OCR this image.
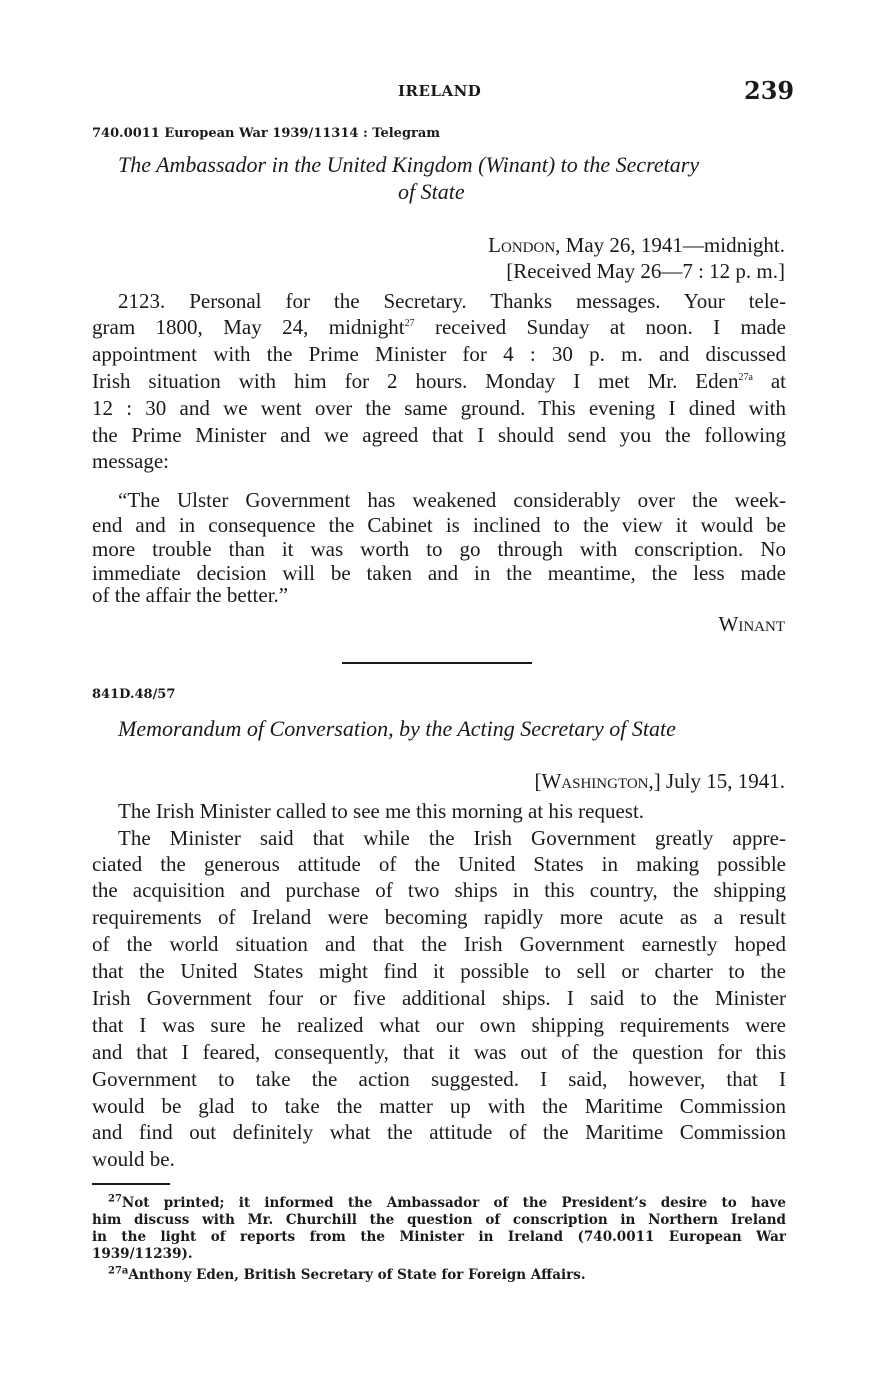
IRELAND	239
740.0011 European War 1939/11314 : Telegram
The Ambassador in the United Kingdom (Winant) to the Secretary
of State
London, May 26, 1941—midnight.
[Received May 26—7 : 12 p. m.]
2123. Personal for the Secretary. Thanks messages. Your tele-
gram 1800, May 24, midnight$^{27}$ received Sunday at noon. I made
appointment with the Prime Minister for 4 : 30 p. m. and discussed
Irish situation with him for 2 hours. Monday I met Mr. Eden$^{27a}$ at
12 : 30 and we went over the same ground. This evening I dined with
the Prime Minister and we agreed that I should send you the following
message:
“The Ulster Government has weakened considerably over the week-
end and in consequence the Cabinet is inclined to the view it would be
more trouble than it was worth to go through with conscription. No
immediate decision will be taken and in the meantime, the less made
of the affair the better.”
Winant
841D.48/57
Memorandum of Conversation, by the Acting Secretary of State
[Washington,] July 15, 1941.
The Irish Minister called to see me this morning at his request.
The Minister said that while the Irish Government greatly appre-
ciated the generous attitude of the United States in making possible
the acquisition and purchase of two ships in this country, the shipping
requirements of Ireland were becoming rapidly more acute as a result
of the world situation and that the Irish Government earnestly hoped
that the United States might find it possible to sell or charter to the
Irish Government four or five additional ships. I said to the Minister
that I was sure he realized what our own shipping requirements were
and that I feared, consequently, that it was out of the question for this
Government to take the action suggested. I said, however, that I
would be glad to take the matter up with the Maritime Commission
and find out definitely what the attitude of the Maritime Commission
would be.
$^{27}$Not printed; it informed the Ambassador of the President’s desire to have
him discuss with Mr. Churchill the question of conscription in Northern Ireland
in the light of reports from the Minister in Ireland (740.0011 European War
1939/11239).
$^{27a}$Anthony Eden, British Secretary of State for Foreign Affairs.
